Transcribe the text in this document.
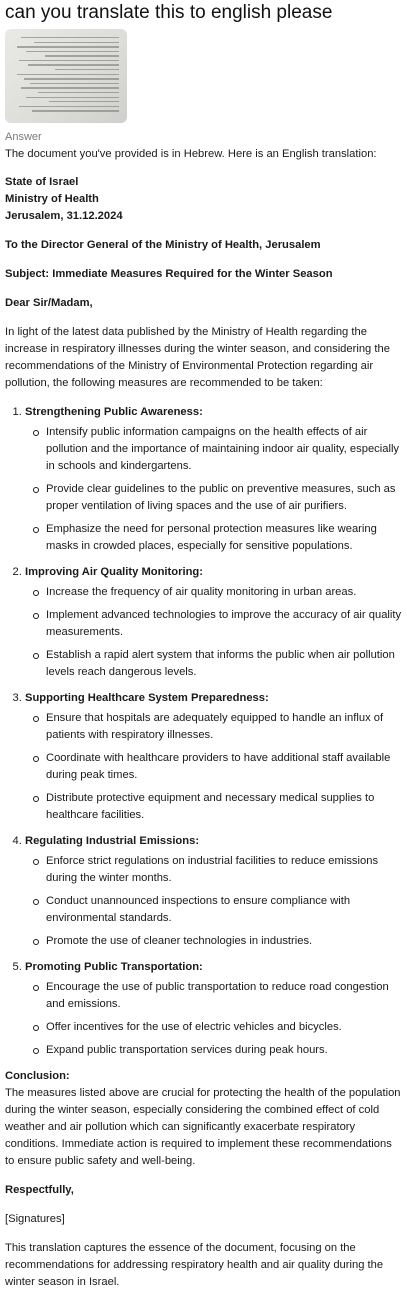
can you translate this to english please
Answer

The document you've provided is in Hebrew. Here is an English translation:

State of Israel
Ministry of Health
Jerusalem, 31.12.2024

To the Director General of the Ministry of Health, Jerusalem

Subject: Immediate Measures Required for the Winter Season

Dear Sir/Madam,

In light of the latest data published by the Ministry of Health regarding the increase in respiratory illnesses during the winter season, and considering the recommendations of the Ministry of Environmental Protection regarding air pollution, the following measures are recommended to be taken:

1. Strengthening Public Awareness:
Intensify public information campaigns on the health effects of air pollution and the importance of maintaining indoor air quality, especially in schools and kindergartens.
Provide clear guidelines to the public on preventive measures, such as proper ventilation of living spaces and the use of air purifiers.
Emphasize the need for personal protection measures like wearing masks in crowded places, especially for sensitive populations.
2. Improving Air Quality Monitoring:
Increase the frequency of air quality monitoring in urban areas.
Implement advanced technologies to improve the accuracy of air quality measurements.
Establish a rapid alert system that informs the public when air pollution levels reach dangerous levels.
3. Supporting Healthcare System Preparedness:
Ensure that hospitals are adequately equipped to handle an influx of patients with respiratory illnesses.
Coordinate with healthcare providers to have additional staff available during peak times.
Distribute protective equipment and necessary medical supplies to healthcare facilities.
4. Regulating Industrial Emissions:
Enforce strict regulations on industrial facilities to reduce emissions during the winter months.
Conduct unannounced inspections to ensure compliance with environmental standards.
Promote the use of cleaner technologies in industries.
5. Promoting Public Transportation:
Encourage the use of public transportation to reduce road congestion and emissions.
Offer incentives for the use of electric vehicles and bicycles.
Expand public transportation services during peak hours.

Conclusion:

The measures listed above are crucial for protecting the health of the population during the winter season, especially considering the combined effect of cold weather and air pollution which can significantly exacerbate respiratory conditions. Immediate action is required to implement these recommendations to ensure public safety and well-being.

Respectfully,

[Signatures]

This translation captures the essence of the document, focusing on the recommendations for addressing respiratory health and air quality during the winter season in Israel.
